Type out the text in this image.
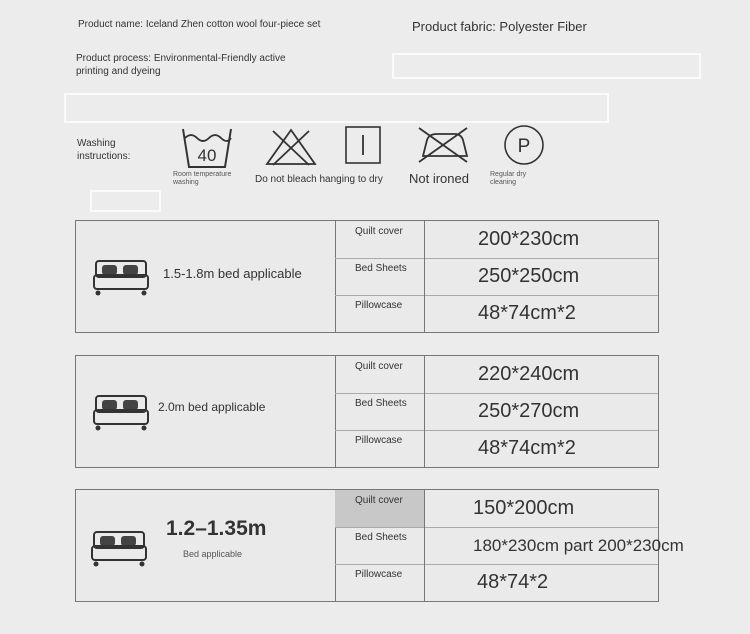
Product name: Iceland Zhen cotton wool four-piece set	Product fabric: Polyester Fiber
Product process: Environmental-Friendly active
printing and dyeing
Washing
instructions:	40
Room temperature
washing	Do not bleach hanging to dry Not ironed
P
Regular dry
cleaning
1.5-1.8m bed applicable
Quilt cover	200*230cm
Bed Sheets	250*250cm
Pillowcase	48*74cm*2
2.0m bed applicable
Quilt cover	220*240cm
Bed Sheets	250*270cm
Pillowcase	48*74cm*2
1.2–1.35m
Bed applicable
Quilt cover	150*200cm
Bed Sheets	180*230cm part 200*230cm
Pillowcase	48*74*2
